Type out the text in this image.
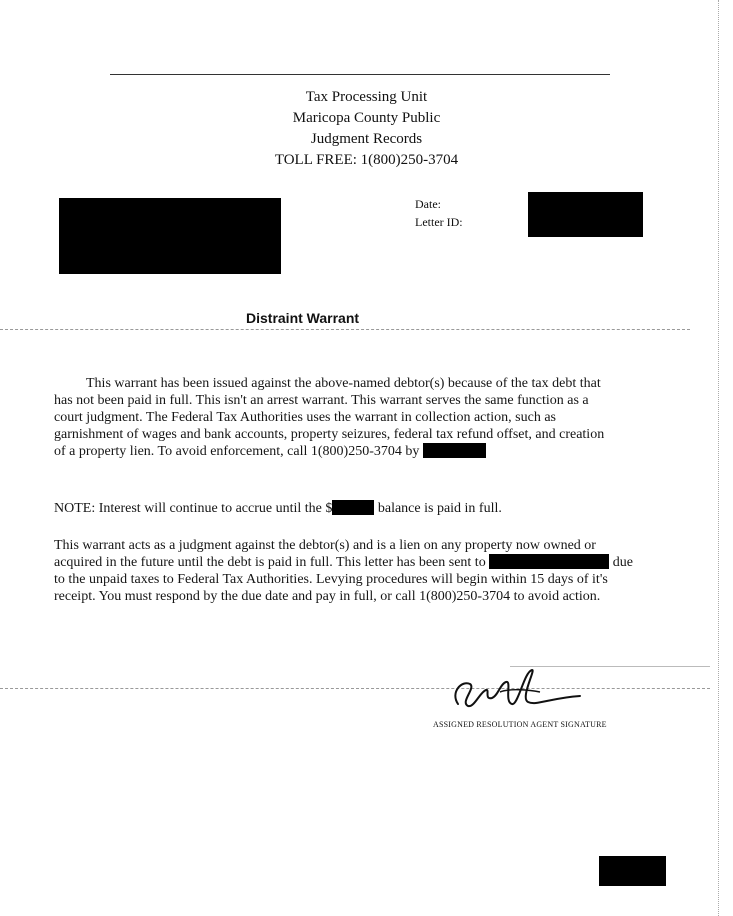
Tax Processing Unit
Maricopa County Public
Judgment Records
TOLL FREE: 1(800)250-3704
Date:
Letter ID:
Distraint Warrant
This warrant has been issued against the above-named debtor(s) because of the tax debt that has not been paid in full. This isn't an arrest warrant. This warrant serves the same function as a court judgment. The Federal Tax Authorities uses the warrant in collection action, such as garnishment of wages and bank accounts, property seizures, federal tax refund offset, and creation of a property lien. To avoid enforcement, call 1(800)250-3704 by
NOTE: Interest will continue to accrue until the $	balance is paid in full.
This warrant acts as a judgment against the debtor(s) and is a lien on any property now owned or acquired in the future until the debt is paid in full. This letter has been sent to	due to the unpaid taxes to Federal Tax Authorities. Levying procedures will begin within 15 days of it's receipt. You must respond by the due date and pay in full, or call 1(800)250-3704 to avoid action.
ASSIGNED RESOLUTION AGENT SIGNATURE
